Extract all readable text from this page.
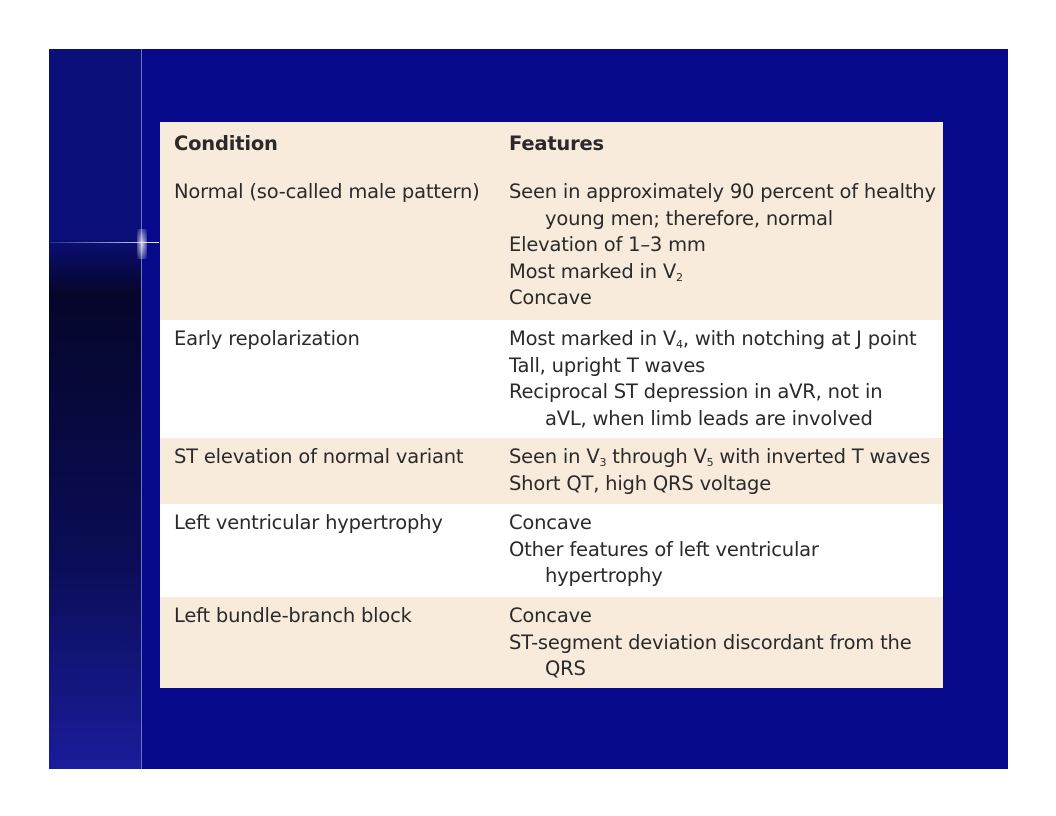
Condition	Features
Normal (so-called male pattern)	Seen in approximately 90 percent of healthy
young men; therefore, normal
Elevation of 1–3 mm
Most marked in $V_2$
Concave
Early repolarization	Most marked in $V_4$, with notching at J point
Tall, upright T waves
Reciprocal ST depression in aVR, not in
aVL, when limb leads are involved
ST elevation of normal variant	Seen in $V_3$ through $V_5$ with inverted T waves
Short QT, high QRS voltage
Left ventricular hypertrophy	Concave
Other features of left ventricular
hypertrophy
Left bundle-branch block	Concave
ST-segment deviation discordant from the
QRS
